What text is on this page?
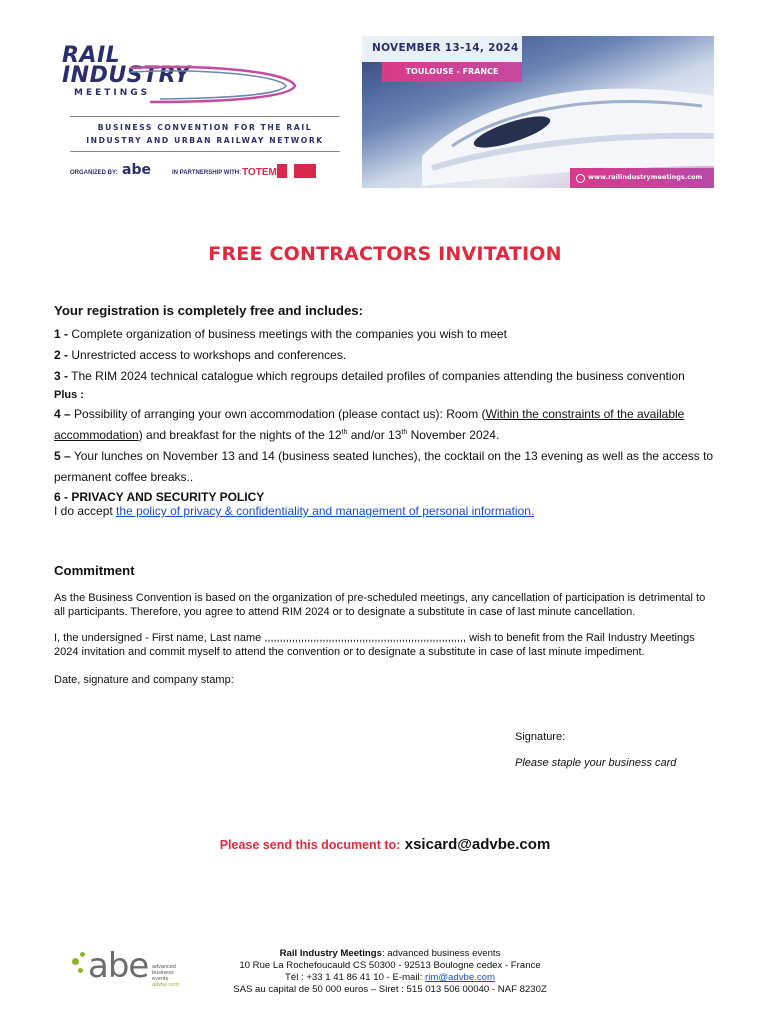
RAIL
INDUSTRY
MEETINGS
BUSINESS CONVENTION FOR THE RAIL
INDUSTRY AND URBAN RAILWAY NETWORK
ORGANIZED BY: abe	IN PARTNERSHIP WITH: TOTEM
NOVEMBER 13-14, 2024
TOULOUSE - FRANCE
www.railindustrymeetings.com
FREE CONTRACTORS INVITATION
Your registration is completely free and includes:
1 - Complete organization of business meetings with the companies you wish to meet
2 - Unrestricted access to workshops and conferences.
3 - The RIM 2024 technical catalogue which regroups detailed profiles of companies attending the business convention
Plus :
4 – Possibility of arranging your own accommodation (please contact us): Room (Within the constraints of the available accommodation) and breakfast for the nights of the 12th and/or 13th November 2024.
5 – Your lunches on November 13 and 14 (business seated lunches), the cocktail on the 13 evening as well as the access to permanent coffee breaks..
6 - PRIVACY AND SECURITY POLICY
I do accept the policy of privacy & confidentiality and management of personal information.
Commitment
As the Business Convention is based on the organization of pre-scheduled meetings, any cancellation of participation is detrimental to all participants. Therefore, you agree to attend RIM 2024 or to designate a substitute in case of last minute cancellation.
I, the undersigned - First name, Last name ,,,,,,,,,,,,,,,,,,,,,,,,,,,,,,,,,,,,,,,,,,,,,,,,,,,,,,,,,,,,,,,,,, wish to benefit from the Rail Industry Meetings 2024 invitation and commit myself to attend the convention or to designate a substitute in case of last minute impediment.
Date, signature and company stamp:
Signature:
Please staple your business card
Please send this document to: xsicard@advbe.com
abe advanced
business
events
advbe.com
Rail Industry Meetings: advanced business events
10 Rue La Rochefoucauld CS 50300 - 92513 Boulogne cedex - France
Tél : +33 1 41 86 41 10 - E-mail: rim@advbe.com
SAS au capital de 50 000 euros – Siret : 515 013 506 00040 - NAF 8230Z
